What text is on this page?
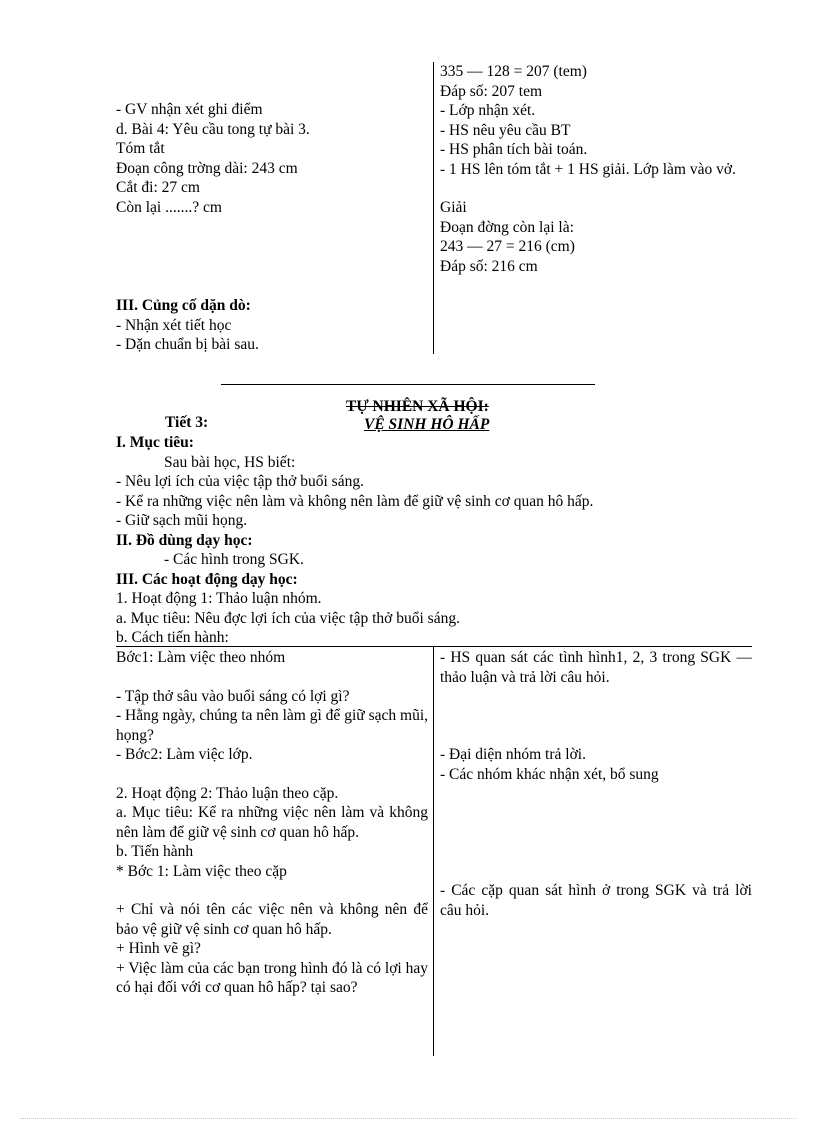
- GV nhận xét ghi điểm

d. Bài 4: Yêu cầu tong tự bài 3.

Tóm tắt

Đoạn công trờng dài: 243 cm

Cắt đi: 27 cm

Còn lại .......? cm

III. Củng cố dặn dò:

- Nhận xét tiết học

- Dặn chuẩn bị bài sau.

335 — 128 = 207 (tem)

Đáp số: 207 tem

- Lớp nhận xét.

- HS nêu yêu cầu BT

- HS phân tích bài toán.

- 1 HS lên tóm tắt + 1 HS giải. Lớp làm vào vở.

Giải

Đoạn đờng còn lại là:

243 — 27 = 216 (cm)

Đáp số: 216 cm

TỰ NHIÊN XÃ HỘI:
Tiết 3:	VỆ SINH HÔ HẤP

I. Mục tiêu:

Sau bài học, HS biết:

- Nêu lợi ích của việc tập thở buổi sáng.

- Kể ra những việc nên làm và không nên làm để giữ vệ sinh cơ quan hô hấp.

- Giữ sạch mũi họng.

II. Đồ dùng dạy học:

- Các hình trong SGK.

III. Các hoạt động dạy học:

1. Hoạt động 1: Thảo luận nhóm.

a. Mục tiêu: Nêu đợc lợi ích của việc tập thở buổi sáng.

b. Cách tiến hành:

Bớc1: Làm việc theo nhóm

- Tập thở sâu vào buổi sáng có lợi gì?

- Hằng ngày, chúng ta nên làm gì để giữ sạch mũi, họng?

- Bớc2: Làm việc lớp.

2. Hoạt động 2: Thảo luận theo cặp.

a. Mục tiêu: Kể ra những việc nên làm và không nên làm để giữ vệ sinh cơ quan hô hấp.

b. Tiến hành

* Bớc 1: Làm việc theo cặp

+ Chỉ và nói tên các việc nên và không nên để bảo vệ giữ vệ sinh cơ quan hô hấp.

+ Hình vẽ gì?

+ Việc làm của các bạn trong hình đó là có lợi hay có hại đối với cơ quan hô hấp? tại sao?

- HS quan sát các tình hình1, 2, 3 trong SGK — thảo luận và trả lời câu hỏi.

- Đại diện nhóm trả lời.

- Các nhóm khác nhận xét, bổ sung

- Các cặp quan sát hình ở trong SGK và trả lời câu hỏi.
